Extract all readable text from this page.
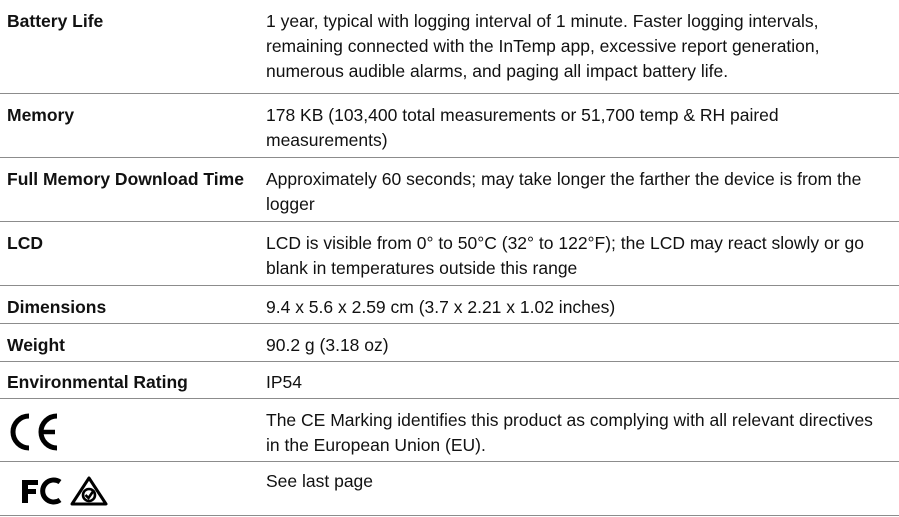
Battery Life	1 year, typical with logging interval of 1 minute. Faster logging intervals, remaining connected with the InTemp app, excessive report generation, numerous audible alarms, and paging all impact battery life.
Memory	178 KB (103,400 total measurements or 51,700 temp & RH paired measurements)
Full Memory Download Time	Approximately 60 seconds; may take longer the farther the device is from the logger
LCD	LCD is visible from 0° to 50°C (32° to 122°F); the LCD may react slowly or go blank in temperatures outside this range
Dimensions	9.4 x 5.6 x 2.59 cm (3.7 x 2.21 x 1.02 inches)
Weight	90.2 g (3.18 oz)
Environmental Rating	IP54

	The CE Marking identifies this product as complying with all relevant directives in the European Union (EU).

	See last page
